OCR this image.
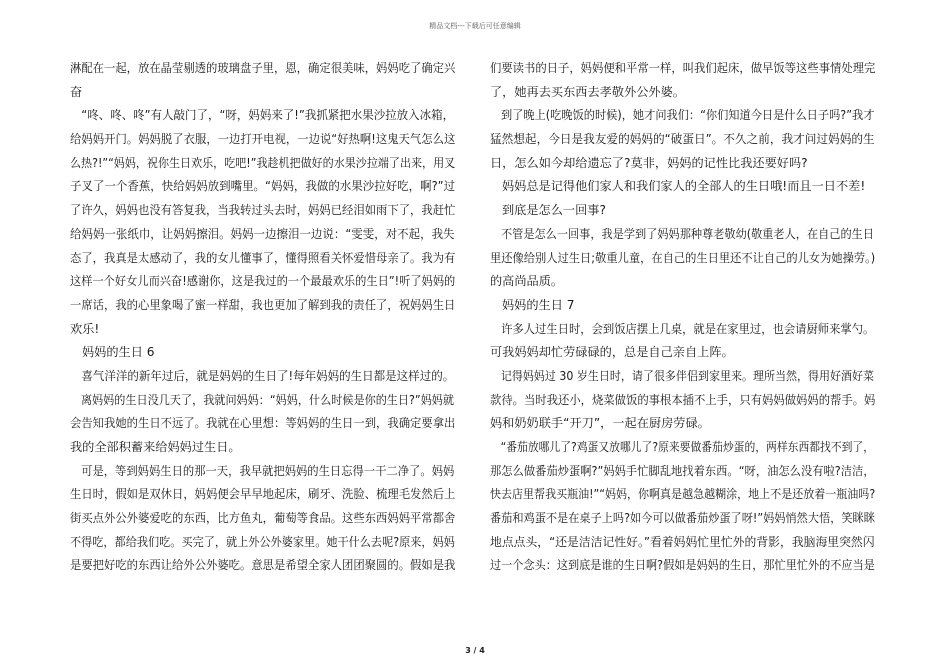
精品文档---下载后可任意编辑
淋配在一起，放在晶莹剔透的玻璃盘子里，恩，确定很美味，妈妈吃了确定兴
奋
“咚、咚、咚”有人敲门了，“呀，妈妈来了!”我抓紧把水果沙拉放入冰箱，
给妈妈开门。妈妈脱了衣服，一边打开电视，一边说“好热啊!这鬼天气怎么这
么热?!”“妈妈，祝你生日欢乐，吃吧!”我趁机把做好的水果沙拉端了出来，用叉
子叉了一个香蕉，快给妈妈放到嘴里。“妈妈，我做的水果沙拉好吃，啊?”过
了许久，妈妈也没有答复我，当我转过头去时，妈妈已经泪如雨下了，我赶忙
给妈妈一张纸巾，让妈妈擦泪。妈妈一边擦泪一边说：“雯雯，对不起，我失
态了，我真是太感动了，我的女儿懂事了，懂得照看关怀爱惜母亲了。我为有
这样一个好女儿而兴奋!感谢你，这是我过的一个最最欢乐的生日”!听了妈妈的
一席话，我的心里象喝了蜜一样甜，我也更加了解到我的责任了，祝妈妈生日
欢乐!
妈妈的生日 6
喜气洋洋的新年过后，就是妈妈的生日了!每年妈妈的生日都是这样过的。
离妈妈的生日没几天了，我就问妈妈：“妈妈，什么时候是你的生日?”妈妈就
会告知我她的生日不远了。我就在心里想：等妈妈的生日一到，我确定要拿出
我的全部积蓄来给妈妈过生日。
可是，等到妈妈生日的那一天，我早就把妈妈的生日忘得一干二净了。妈妈
生日时，假如是双休日，妈妈便会早早地起床，刷牙、洗脸、梳理毛发然后上
街买点外公外婆爱吃的东西，比方鱼丸，葡萄等食品。这些东西妈妈平常都舍
不得吃，都给我们吃。买完了，就上外公外婆家里。她干什么去呢?原来，妈妈
是要把好吃的东西让给外公外婆吃。意思是希望全家人团团聚圆的。假如是我
们要读书的日子，妈妈便和平常一样，叫我们起床，做早饭等这些事情处理完
了，她再去买东西去孝敬外公外婆。
到了晚上(吃晚饭的时候)，她才问我们：“你们知道今日是什么日子吗?”我才
猛然想起，今日是我友爱的妈妈的“破蛋日”。不久之前，我才问过妈妈的生
日，怎么如今却给遗忘了?莫非，妈妈的记性比我还要好吗?
妈妈总是记得他们家人和我们家人的全部人的生日哦!而且一日不差!
到底是怎么一回事?
不管是怎么一回事，我是学到了妈妈那种尊老敬幼(敬重老人，在自己的生日
里还像给别人过生日;敬重儿童，在自己的生日里还不让自己的儿女为她操劳。)
的高尚品质。
妈妈的生日 7
许多人过生日时，会到饭店摆上几桌，就是在家里过，也会请厨师来掌勺。
可我妈妈却忙劳碌碌的，总是自己亲自上阵。
记得妈妈过 30 岁生日时，请了很多伴侣到家里来。理所当然，得用好酒好菜
款待。当时我还小，烧菜做饭的事根本插不上手，只有妈妈做妈妈的帮手。妈
妈和奶奶联手“开刀”，一起在厨房劳碌。
“番茄放哪儿了?鸡蛋又放哪儿了?原来要做番茄炒蛋的，两样东西都找不到了，
那怎么做番茄炒蛋啊?”妈妈手忙脚乱地找着东西。“呀，油怎么没有啦?洁洁，
快去店里帮我买瓶油!”“妈妈，你啊真是越急越糊涂，地上不是还放着一瓶油吗?
番茄和鸡蛋不是在桌子上吗?如今可以做番茄炒蛋了呀!”妈妈悄然大悟，笑眯眯
地点点头，“还是洁洁记性好。”看着妈妈忙里忙外的背影，我脑海里突然闪
过一个念头：这到底是谁的生日啊?假如是妈妈的生日，那忙里忙外的不应当是
3 / 4
